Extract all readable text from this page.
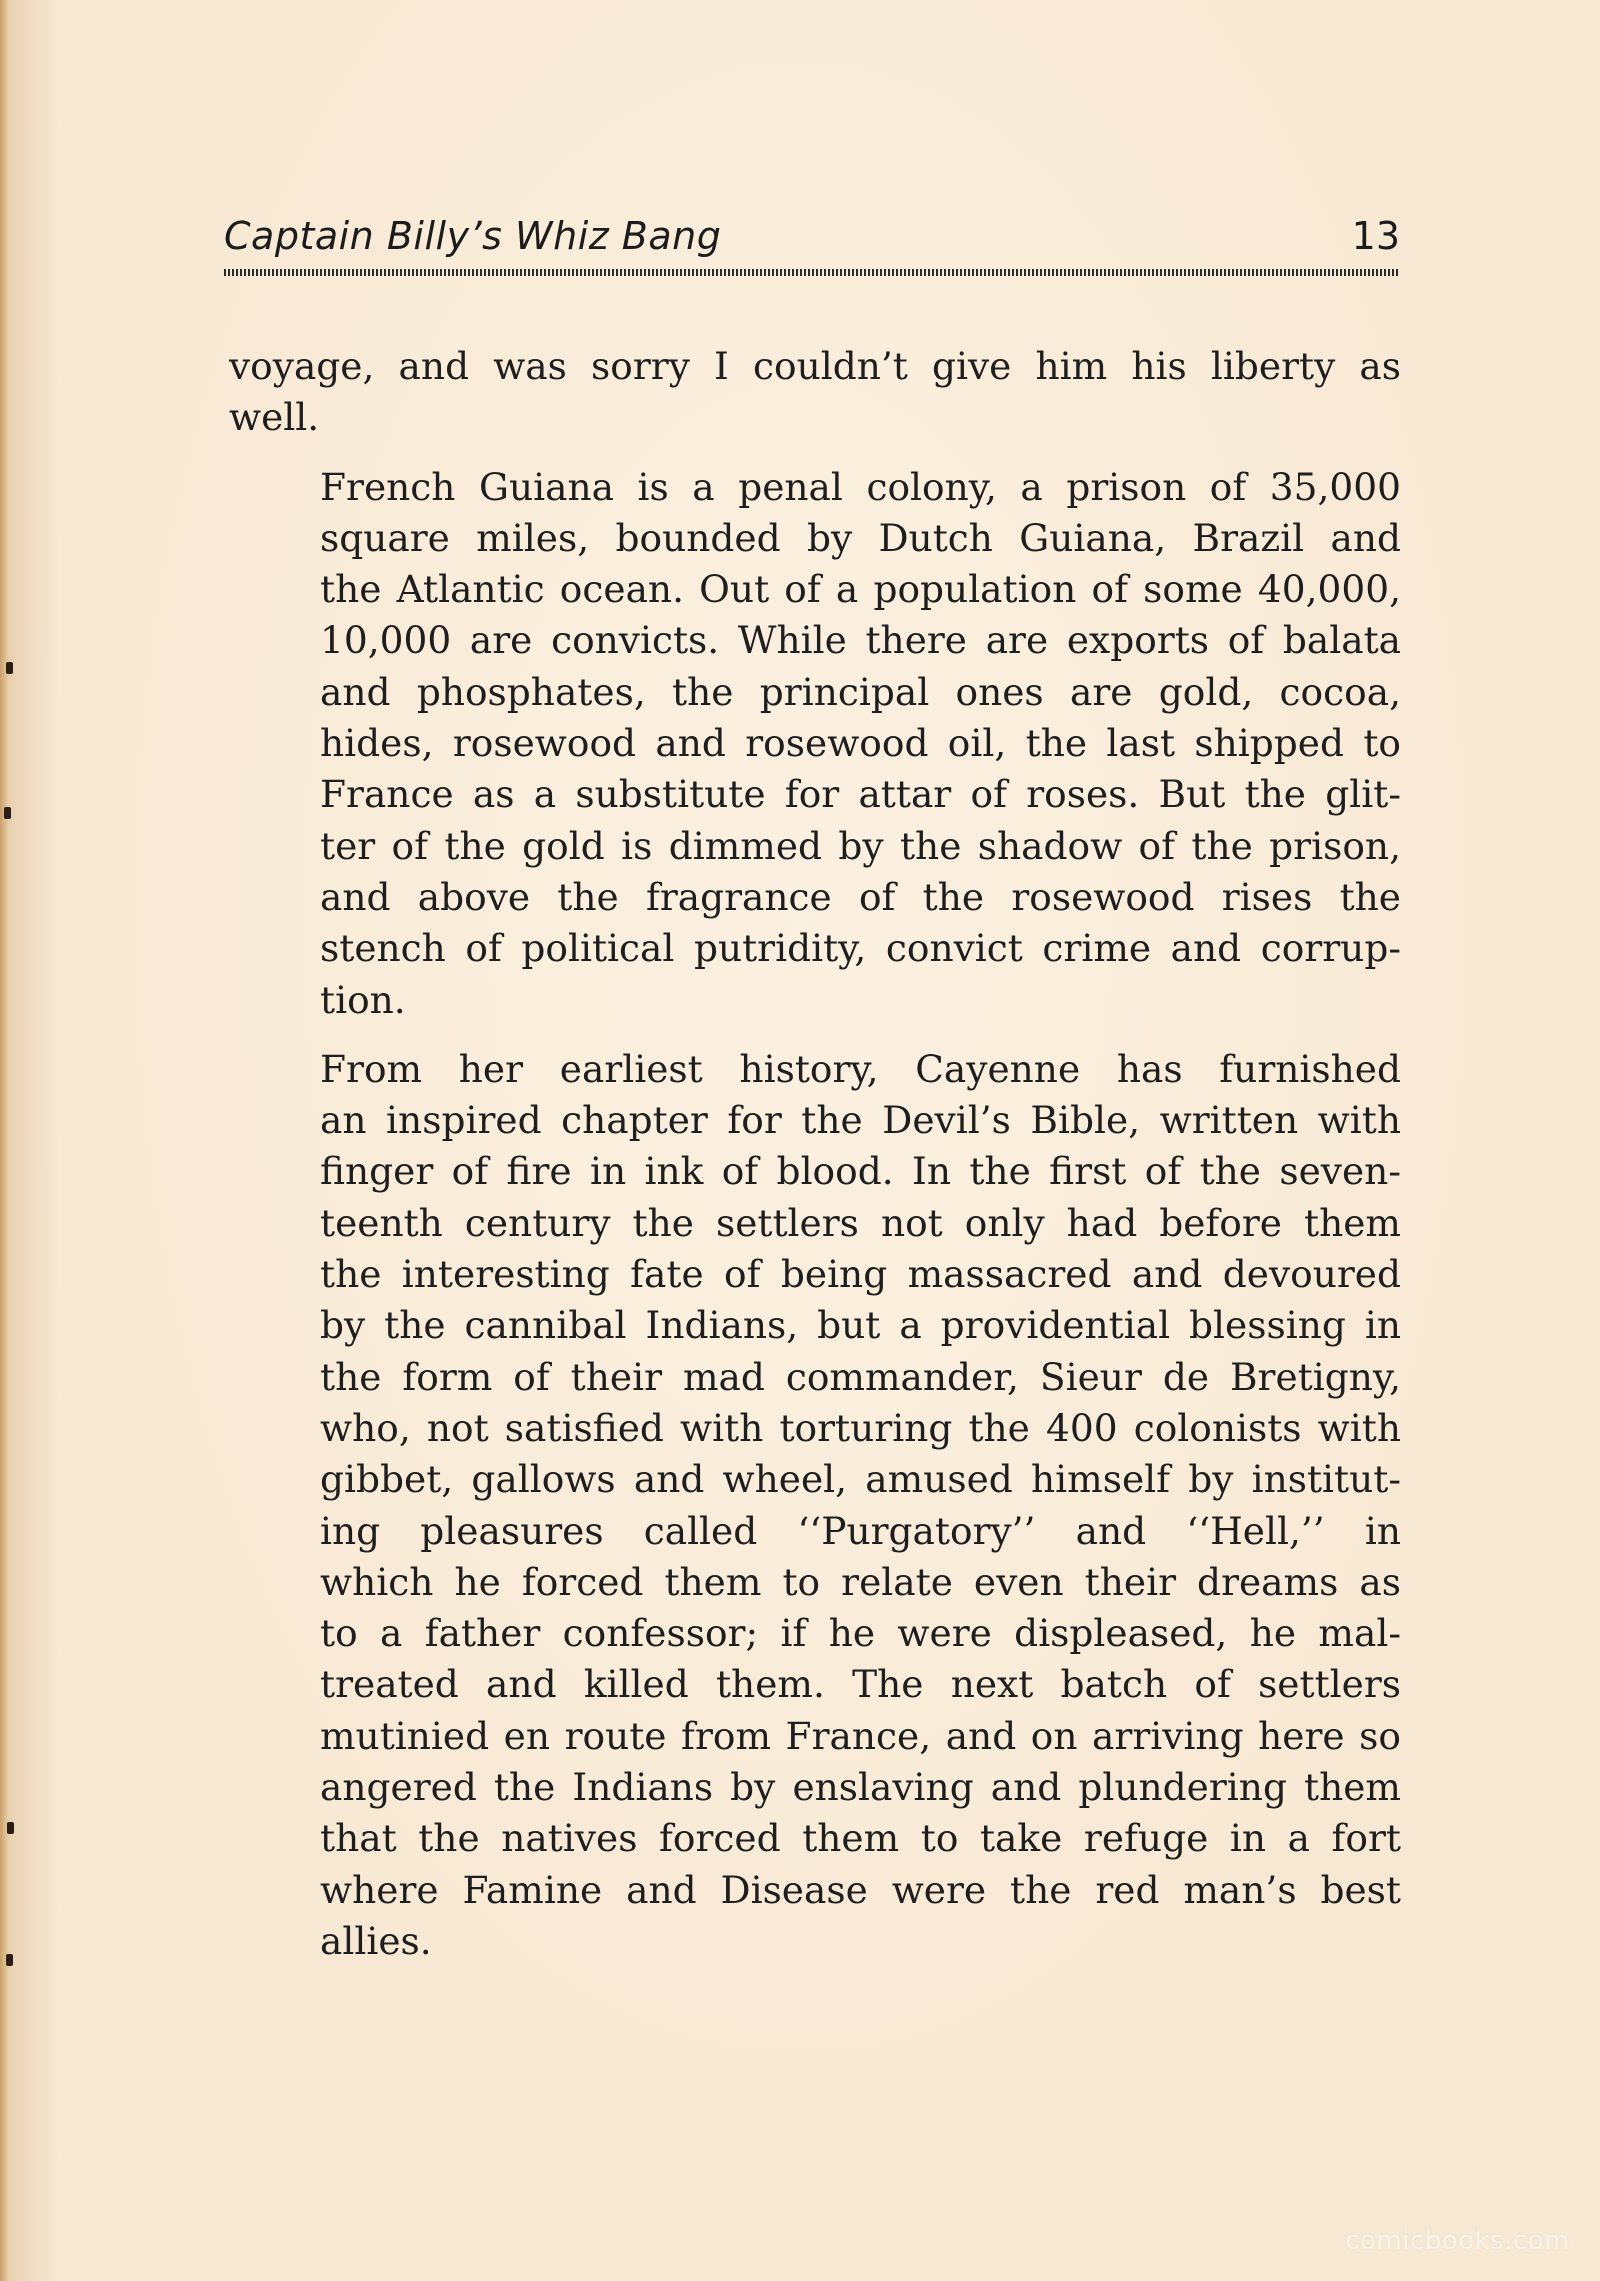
Captain Billy’s Whiz Bang	13
voyage, and was sorry I couldn’t give him his liberty as
well.
French Guiana is a penal colony, a prison of 35,000
square miles, bounded by Dutch Guiana, Brazil and
the Atlantic ocean. Out of a population of some 40,000,
10,000 are convicts. While there are exports of balata
and phosphates, the principal ones are gold, cocoa,
hides, rosewood and rosewood oil, the last shipped to
France as a substitute for attar of roses. But the glit-
ter of the gold is dimmed by the shadow of the prison,
and above the fragrance of the rosewood rises the
stench of political putridity, convict crime and corrup-
tion.
From her earliest history, Cayenne has furnished
an inspired chapter for the Devil’s Bible, written with
finger of fire in ink of blood. In the first of the seven-
teenth century the settlers not only had before them
the interesting fate of being massacred and devoured
by the cannibal Indians, but a providential blessing in
the form of their mad commander, Sieur de Bretigny,
who, not satisfied with torturing the 400 colonists with
gibbet, gallows and wheel, amused himself by institut-
ing pleasures called ‘‘Purgatory’’ and ‘‘Hell,’’ in
which he forced them to relate even their dreams as
to a father confessor; if he were displeased, he mal-
treated and killed them. The next batch of settlers
mutinied en route from France, and on arriving here so
angered the Indians by enslaving and plundering them
that the natives forced them to take refuge in a fort
where Famine and Disease were the red man’s best
allies.
comicbooks.com
